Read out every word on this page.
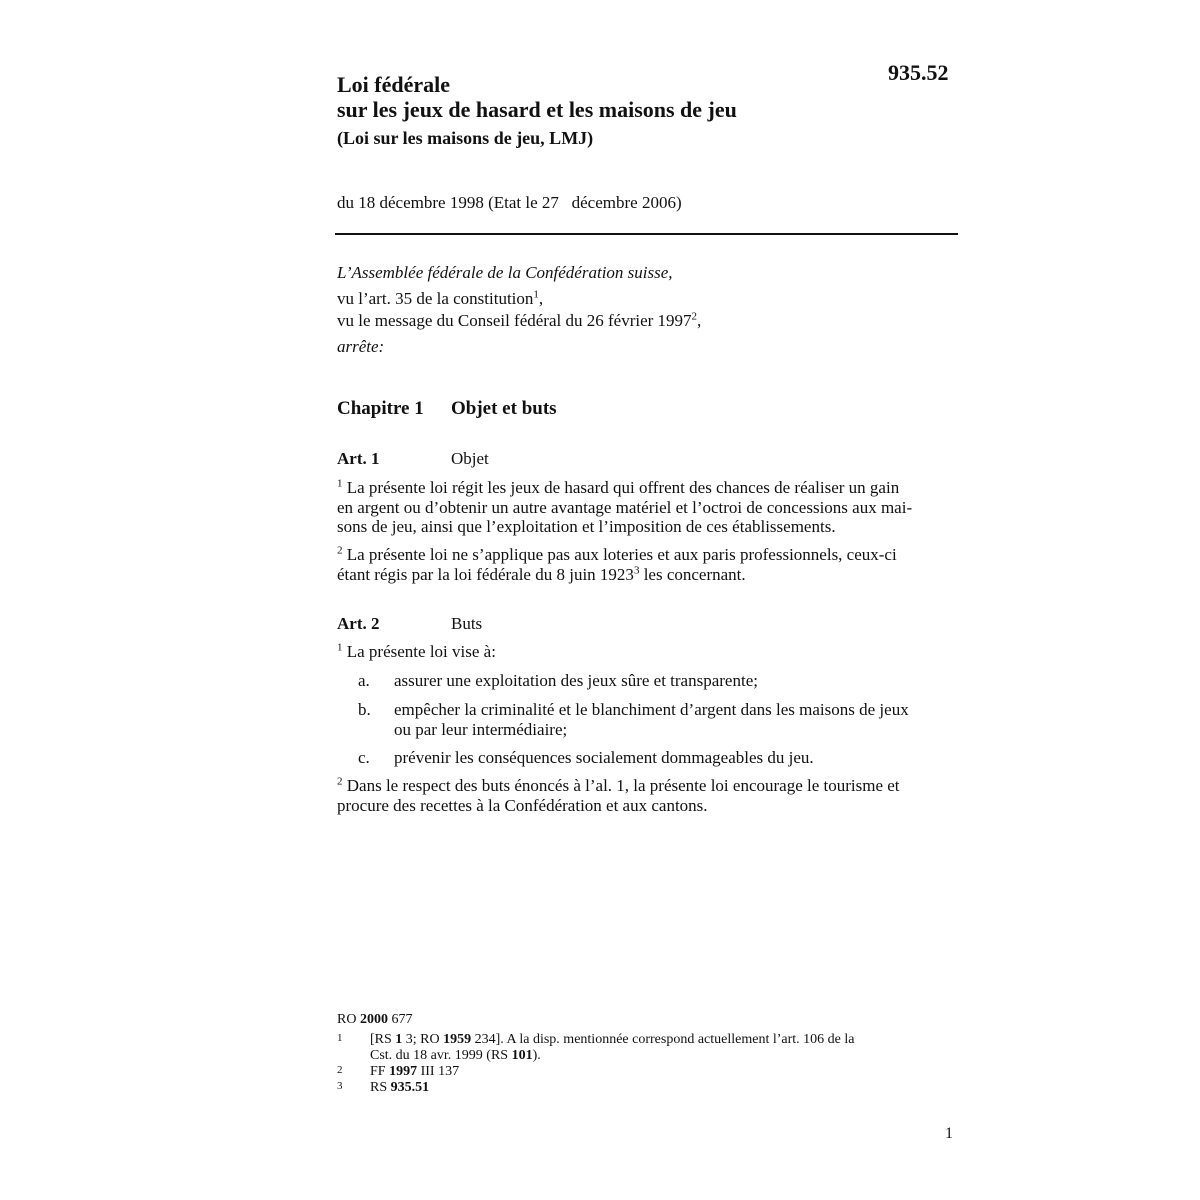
935.52
Loi fédérale
sur les jeux de hasard et les maisons de jeu
(Loi sur les maisons de jeu, LMJ)
du 18 décembre 1998 (Etat le 27   décembre 2006)
L’Assemblée fédérale de la Confédération suisse,
vu l’art. 35 de la constitution$^1$,
vu le message du Conseil fédéral du 26 février 1997$^2$,
arrête:
Chapitre 1 Objet et buts
Art. 1	Objet
$^1$ La présente loi régit les jeux de hasard qui offrent des chances de réaliser un gain
en argent ou d’obtenir un autre avantage matériel et l’octroi de concessions aux mai-
sons de jeu, ainsi que l’exploitation et l’imposition de ces établissements.
$^2$ La présente loi ne s’applique pas aux loteries et aux paris professionnels, ceux-ci
étant régis par la loi fédérale du 8 juin 1923$^3$ les concernant.
Art. 2	Buts
$^1$ La présente loi vise à:
a. assurer une exploitation des jeux sûre et transparente;
b. empêcher la criminalité et le blanchiment d’argent dans les maisons de jeux
ou par leur intermédiaire;
c. prévenir les conséquences socialement dommageables du jeu.
$^2$ Dans le respect des buts énoncés à l’al. 1, la présente loi encourage le tourisme et
procure des recettes à la Confédération et aux cantons.
RO 2000 677
1 [RS 1 3; RO 1959 234]. A la disp. mentionnée correspond actuellement l’art. 106 de la
Cst. du 18 avr. 1999 (RS 101).
2 FF 1997 III 137
3 RS 935.51
1
